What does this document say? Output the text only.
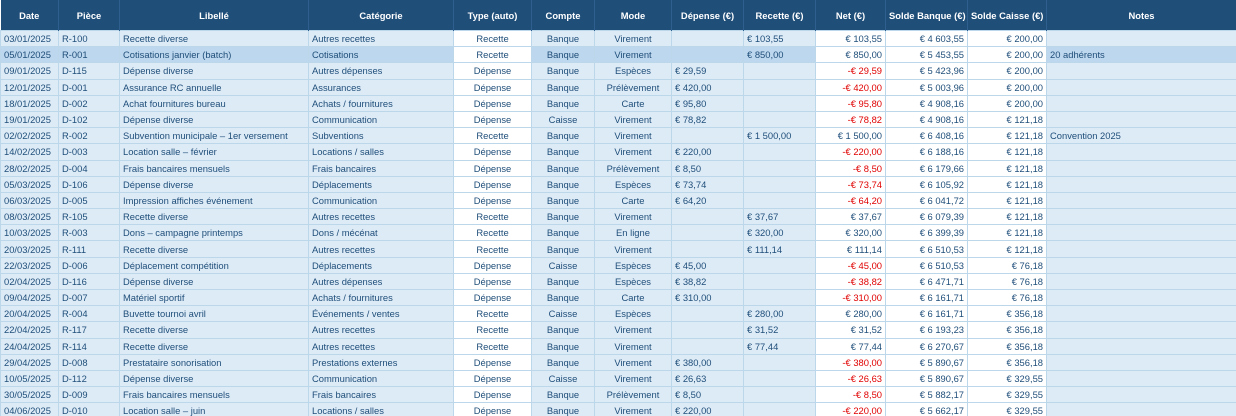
Date	Pièce	Libellé	Catégorie	Type (auto)	Compte	Mode	Dépense (€)	Recette (€)	Net (€)	Solde Banque (€)	Solde Caisse (€)	Notes
03/01/2025	R-100	Recette diverse	Autres recettes	Recette	Banque	Virement		€ 103,55	€ 103,55	€ 4 603,55	€ 200,00	
05/01/2025	R-001	Cotisations janvier (batch)	Cotisations	Recette	Banque	Virement		€ 850,00	€ 850,00	€ 5 453,55	€ 200,00	20 adhérents
09/01/2025	D-115	Dépense diverse	Autres dépenses	Dépense	Banque	Espèces	€ 29,59		-€ 29,59	€ 5 423,96	€ 200,00	
12/01/2025	D-001	Assurance RC annuelle	Assurances	Dépense	Banque	Prélèvement	€ 420,00		-€ 420,00	€ 5 003,96	€ 200,00	
18/01/2025	D-002	Achat fournitures bureau	Achats / fournitures	Dépense	Banque	Carte	€ 95,80		-€ 95,80	€ 4 908,16	€ 200,00	
19/01/2025	D-102	Dépense diverse	Communication	Dépense	Caisse	Virement	€ 78,82		-€ 78,82	€ 4 908,16	€ 121,18	
02/02/2025	R-002	Subvention municipale – 1er versement	Subventions	Recette	Banque	Virement		€ 1 500,00	€ 1 500,00	€ 6 408,16	€ 121,18	Convention 2025
14/02/2025	D-003	Location salle – février	Locations / salles	Dépense	Banque	Virement	€ 220,00		-€ 220,00	€ 6 188,16	€ 121,18	
28/02/2025	D-004	Frais bancaires mensuels	Frais bancaires	Dépense	Banque	Prélèvement	€ 8,50		-€ 8,50	€ 6 179,66	€ 121,18	
05/03/2025	D-106	Dépense diverse	Déplacements	Dépense	Banque	Espèces	€ 73,74		-€ 73,74	€ 6 105,92	€ 121,18	
06/03/2025	D-005	Impression affiches événement	Communication	Dépense	Banque	Carte	€ 64,20		-€ 64,20	€ 6 041,72	€ 121,18	
08/03/2025	R-105	Recette diverse	Autres recettes	Recette	Banque	Virement		€ 37,67	€ 37,67	€ 6 079,39	€ 121,18	
10/03/2025	R-003	Dons – campagne printemps	Dons / mécénat	Recette	Banque	En ligne		€ 320,00	€ 320,00	€ 6 399,39	€ 121,18	
20/03/2025	R-111	Recette diverse	Autres recettes	Recette	Banque	Virement		€ 111,14	€ 111,14	€ 6 510,53	€ 121,18	
22/03/2025	D-006	Déplacement compétition	Déplacements	Dépense	Caisse	Espèces	€ 45,00		-€ 45,00	€ 6 510,53	€ 76,18	
02/04/2025	D-116	Dépense diverse	Autres dépenses	Dépense	Banque	Espèces	€ 38,82		-€ 38,82	€ 6 471,71	€ 76,18	
09/04/2025	D-007	Matériel sportif	Achats / fournitures	Dépense	Banque	Carte	€ 310,00		-€ 310,00	€ 6 161,71	€ 76,18	
20/04/2025	R-004	Buvette tournoi avril	Événements / ventes	Recette	Caisse	Espèces		€ 280,00	€ 280,00	€ 6 161,71	€ 356,18	
22/04/2025	R-117	Recette diverse	Autres recettes	Recette	Banque	Virement		€ 31,52	€ 31,52	€ 6 193,23	€ 356,18	
24/04/2025	R-114	Recette diverse	Autres recettes	Recette	Banque	Virement		€ 77,44	€ 77,44	€ 6 270,67	€ 356,18	
29/04/2025	D-008	Prestataire sonorisation	Prestations externes	Dépense	Banque	Virement	€ 380,00		-€ 380,00	€ 5 890,67	€ 356,18	
10/05/2025	D-112	Dépense diverse	Communication	Dépense	Caisse	Virement	€ 26,63		-€ 26,63	€ 5 890,67	€ 329,55	
30/05/2025	D-009	Frais bancaires mensuels	Frais bancaires	Dépense	Banque	Prélèvement	€ 8,50		-€ 8,50	€ 5 882,17	€ 329,55	
04/06/2025	D-010	Location salle – juin	Locations / salles	Dépense	Banque	Virement	€ 220,00		-€ 220,00	€ 5 662,17	€ 329,55	
